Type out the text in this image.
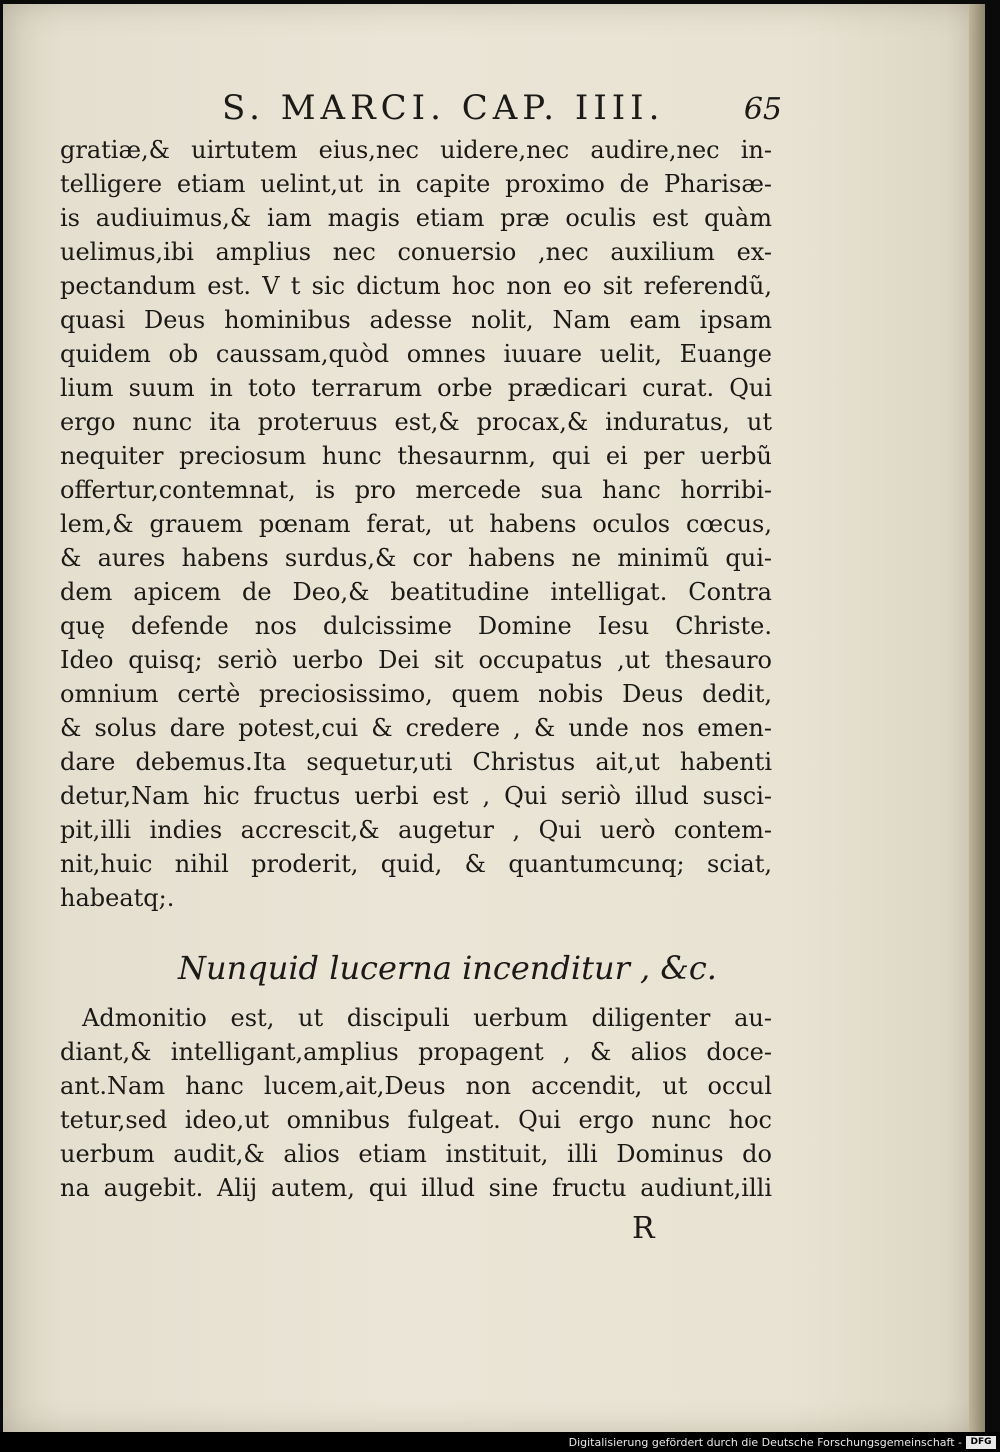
S. MARCI. CAP. IIII.	65
gratiæ,& uirtutem eius,nec uidere,nec audire,nec in-
telligere etiam uelint,ut in capite proximo de Pharisæ-
is audiuimus,& iam magis etiam præ oculis est quàm
uelimus,ibi amplius nec conuersio ,nec auxilium ex-
pectandum est. V t sic dictum hoc non eo sit referendũ,
quasi Deus hominibus adesse nolit, Nam eam ipsam
quidem ob caussam,quòd omnes iuuare uelit, Euange
lium suum in toto terrarum orbe prædicari curat. Qui
ergo nunc ita proteruus est,& procax,& induratus, ut
nequiter preciosum hunc thesaurnm, qui ei per uerbũ
offertur,contemnat, is pro mercede sua hanc horribi-
lem,& grauem pœnam ferat, ut habens oculos cœcus,
& aures habens surdus,& cor habens ne minimũ qui-
dem apicem de Deo,& beatitudine intelligat. Contra
quę defende nos dulcissime Domine Iesu Christe.
Ideo quisq; seriò uerbo Dei sit occupatus ,ut thesauro
omnium certè preciosissimo, quem nobis Deus dedit,
& solus dare potest,cui & credere , & unde nos emen-
dare debemus.Ita sequetur,uti Christus ait,ut habenti
detur,Nam hic fructus uerbi est , Qui seriò illud susci-
pit,illi indies accrescit,& augetur , Qui uerò contem-
nit,huic nihil proderit, quid, & quantumcunq; sciat,
habeatq;.
Nunquid lucerna incenditur , &c.
Admonitio est, ut discipuli uerbum diligenter au-
diant,& intelligant,amplius propagent , & alios doce-
ant.Nam hanc lucem,ait,Deus non accendit, ut occul
tetur,sed ideo,ut omnibus fulgeat. Qui ergo nunc hoc
uerbum audit,& alios etiam instituit, illi Dominus do
na augebit. Alij autem, qui illud sine fructu audiunt,illi
R
Digitalisierung gefördert durch die Deutsche Forschungsgemeinschaft - DFG
